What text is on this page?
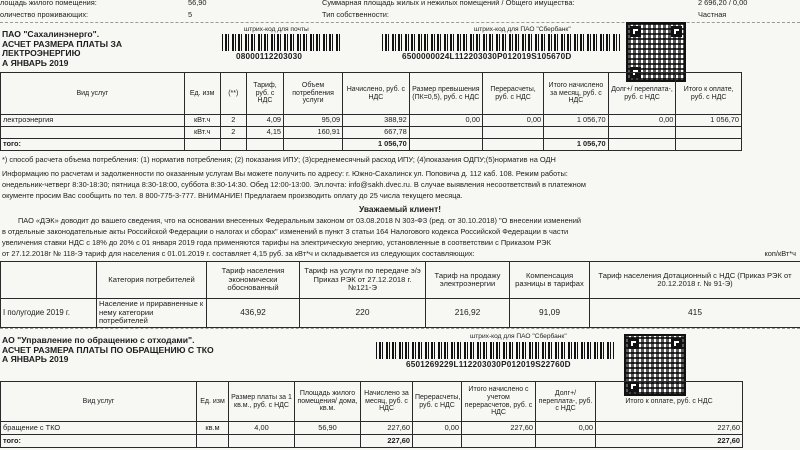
лощадь жилого помещения:	56,90
оличество проживающих:	5
Суммарная площадь жилых и нежилых помещений / Общего имущества:	2 696,20 / 0,00
Тип собственности:	Частная
ПАО "Сахалинэнерго".
АСЧЕТ РАЗМЕРА ПЛАТЫ ЗА
ЛЕКТРОЭНЕРГИЮ
А ЯНВАРЬ 2019
штрих-код для почты
08000112203030
штрих-код для ПАО "Сбербанк"
6500000024L112203030P012019S105670D
Вид услуг	Ед. изм	(**)	Тариф, руб. с НДС	Объем потребления услуги	Начислено, руб. с НДС	Размер превышения (ПК=0,5), руб. с НДС	Перерасчеты, руб. с НДС	Итого начислено за месяц, руб. с НДС	Долг+/ переплата-, руб. с НДС	Итого к оплате, руб. с НДС
лектроэнергия	кВт.ч	2	4,09	95,09	388,92	0,00	0,00	1 056,70	0,00	1 056,70
	кВт.ч	2	4,15	160,91	667,78					
того:					1 056,70			1 056,70		
*) способ расчета объема потребления: (1) норматив потребления; (2) показания ИПУ; (3)среднемесячный расход ИПУ; (4)показания ОДПУ;(5)норматив на ОДН
Информацию по расчетам и задолженности по оказанным услугам Вы можете получить по адресу: г. Южно-Сахалинск ул. Поповича д. 112 каб. 108. Режим работы:
онедельник-четверг 8:30-18:30; пятница 8:30-18:00, суббота 8:30-14:30. Обед 12:00-13:00. Эл.почта: info@sakh.dvec.ru. В случае выявления несоответствий в платежном
окументе просим Вас сообщить по тел. 8 800-775-3-777. ВНИМАНИЕ! Предлагаем производить оплату до 25 числа текущего месяца.
Уважаемый клиент!
ПАО «ДЭК» доводит до вашего сведения, что на основании внесенных Федеральным законом от 03.08.2018 N 303-ФЗ (ред. от 30.10.2018) "О внесении изменений
в отдельные законодательные акты Российской Федерации о налогах и сборах" изменений в пункт 3 статьи 164 Налогового кодекса Российской Федерации в части
увеличения ставки НДС с 18% до 20% с 01 января 2019 года применяются тарифы на электрическую энергию, установленные в соответствии с Приказом РЭК
от 27.12.2018г № 118-Э тариф для населения с 01.01.2019 г. составляет 4,15 руб. за кВт*ч и складывается из следующих составляющих:	коп/кВт*ч
	Категория потребителей	Тариф населения экономически обоснованный	Тариф на услуги по передаче э/э Приказ РЭК от 27.12.2018 г. №121-Э	Тариф на продажу электроэнергии	Компенсация разницы в тарифах	Тариф населения Дотационный с НДС (Приказ РЭК от 20.12.2018 г. № 91-Э)
I полугодие 2019 г.	Население и приравненные к нему категории потребителей	436,92	220	216,92	91,09	415
АО "Управление по обращению с отходами".
АСЧЕТ РАЗМЕРА ПЛАТЫ ПО ОБРАЩЕНИЮ С ТКО
А ЯНВАРЬ 2019
штрих-код для ПАО "Сбербанк"
6501269229L112203030P012019S22760D
Вид услуг	Ед. изм	Размер платы за 1 кв.м., руб. с НДС	Площадь жилого помещения/ дома, кв.м.	Начислено за месяц, руб. с НДС	Перерасчеты, руб. с НДС	Итого начислено с учетом перерасчетов, руб. с НДС	Долг+/ переплата-, руб. с НДС	Итого к оплате, руб. с НДС
бращение с ТКО	кв.м	4,00	56,90	227,60	0,00	227,60	0,00	227,60
того:				227,60				227,60
